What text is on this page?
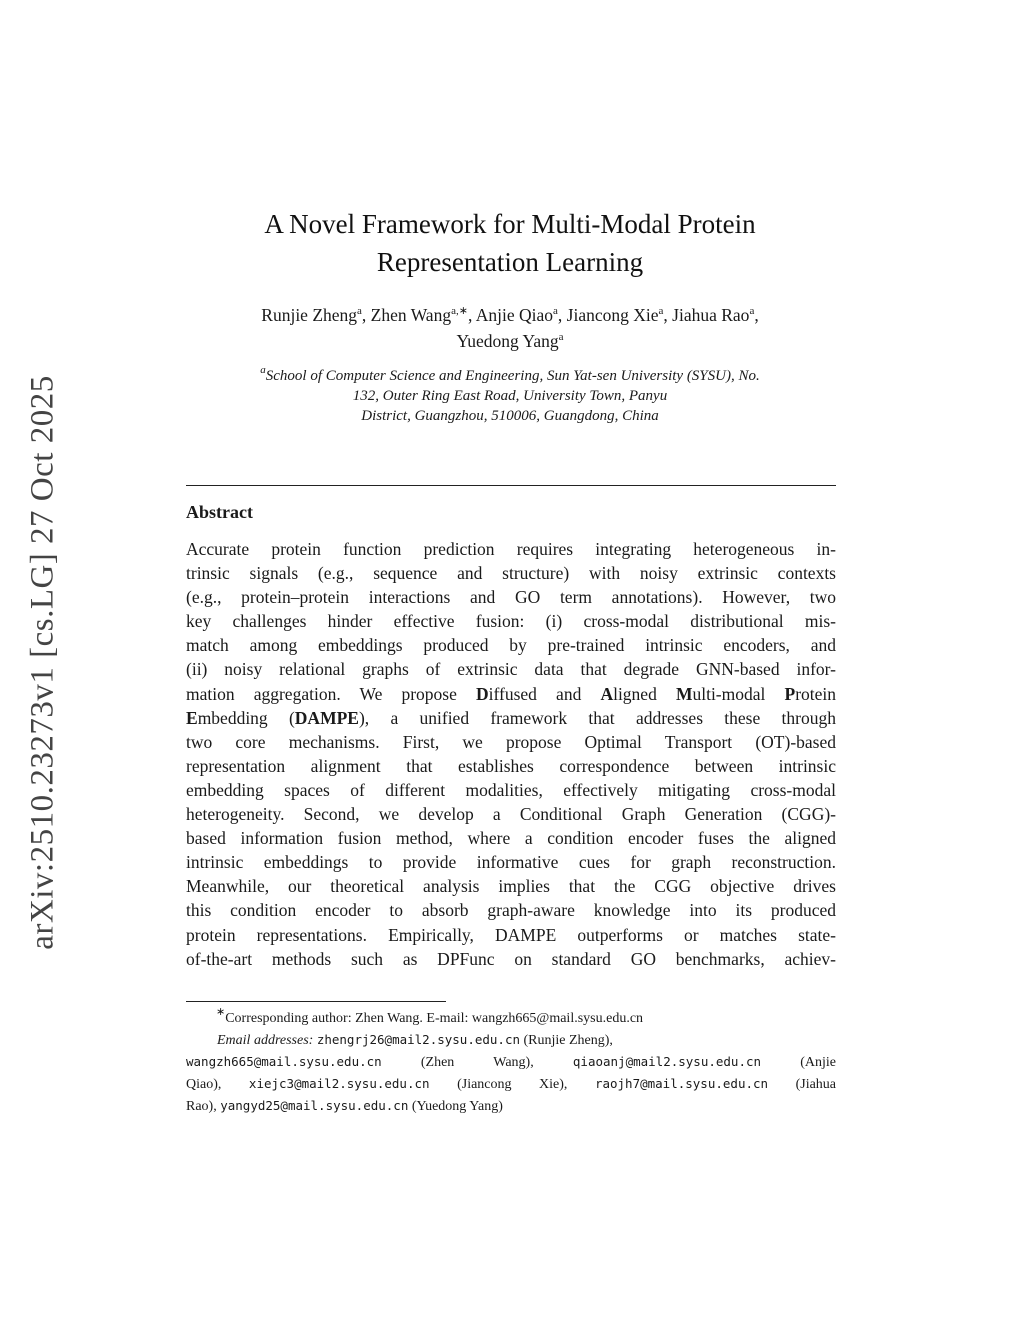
arXiv:2510.23273v1 [cs.LG] 27 Oct 2025
A Novel Framework for Multi-Modal Protein
Representation Learning
Runjie Zheng$^a$, Zhen Wang$^{a,∗}$, Anjie Qiao$^a$, Jiancong Xie$^a$, Jiahua Rao$^a$,
Yuedong Yang$^a$
$^a$School of Computer Science and Engineering, Sun Yat-sen University (SYSU), No.
132, Outer Ring East Road, University Town, Panyu
District, Guangzhou, 510006, Guangdong, China
Abstract
Accurate protein function prediction requires integrating heterogeneous in-
trinsic signals (e.g., sequence and structure) with noisy extrinsic contexts
(e.g., protein–protein interactions and GO term annotations). However, two
key challenges hinder effective fusion: (i) cross-modal distributional mis-
match among embeddings produced by pre-trained intrinsic encoders, and
(ii) noisy relational graphs of extrinsic data that degrade GNN-based infor-
mation aggregation. We propose Diffused and Aligned Multi-modal Protein
Embedding (DAMPE), a unified framework that addresses these through
two core mechanisms. First, we propose Optimal Transport (OT)-based
representation alignment that establishes correspondence between intrinsic
embedding spaces of different modalities, effectively mitigating cross-modal
heterogeneity. Second, we develop a Conditional Graph Generation (CGG)-
based information fusion method, where a condition encoder fuses the aligned
intrinsic embeddings to provide informative cues for graph reconstruction.
Meanwhile, our theoretical analysis implies that the CGG objective drives
this condition encoder to absorb graph-aware knowledge into its produced
protein representations. Empirically, DAMPE outperforms or matches state-
of-the-art methods such as DPFunc on standard GO benchmarks, achiev-
∗Corresponding author: Zhen Wang. E-mail: wangzh665@mail.sysu.edu.cn
Email addresses: zhengrj26@mail2.sysu.edu.cn (Runjie Zheng),
wangzh665@mail.sysu.edu.cn	(Zhen Wang),	qiaoanj@mail2.sysu.edu.cn	(Anjie
Qiao), xiejc3@mail2.sysu.edu.cn (Jiancong Xie), raojh7@mail.sysu.edu.cn (Jiahua
Rao), yangyd25@mail.sysu.edu.cn (Yuedong Yang)
